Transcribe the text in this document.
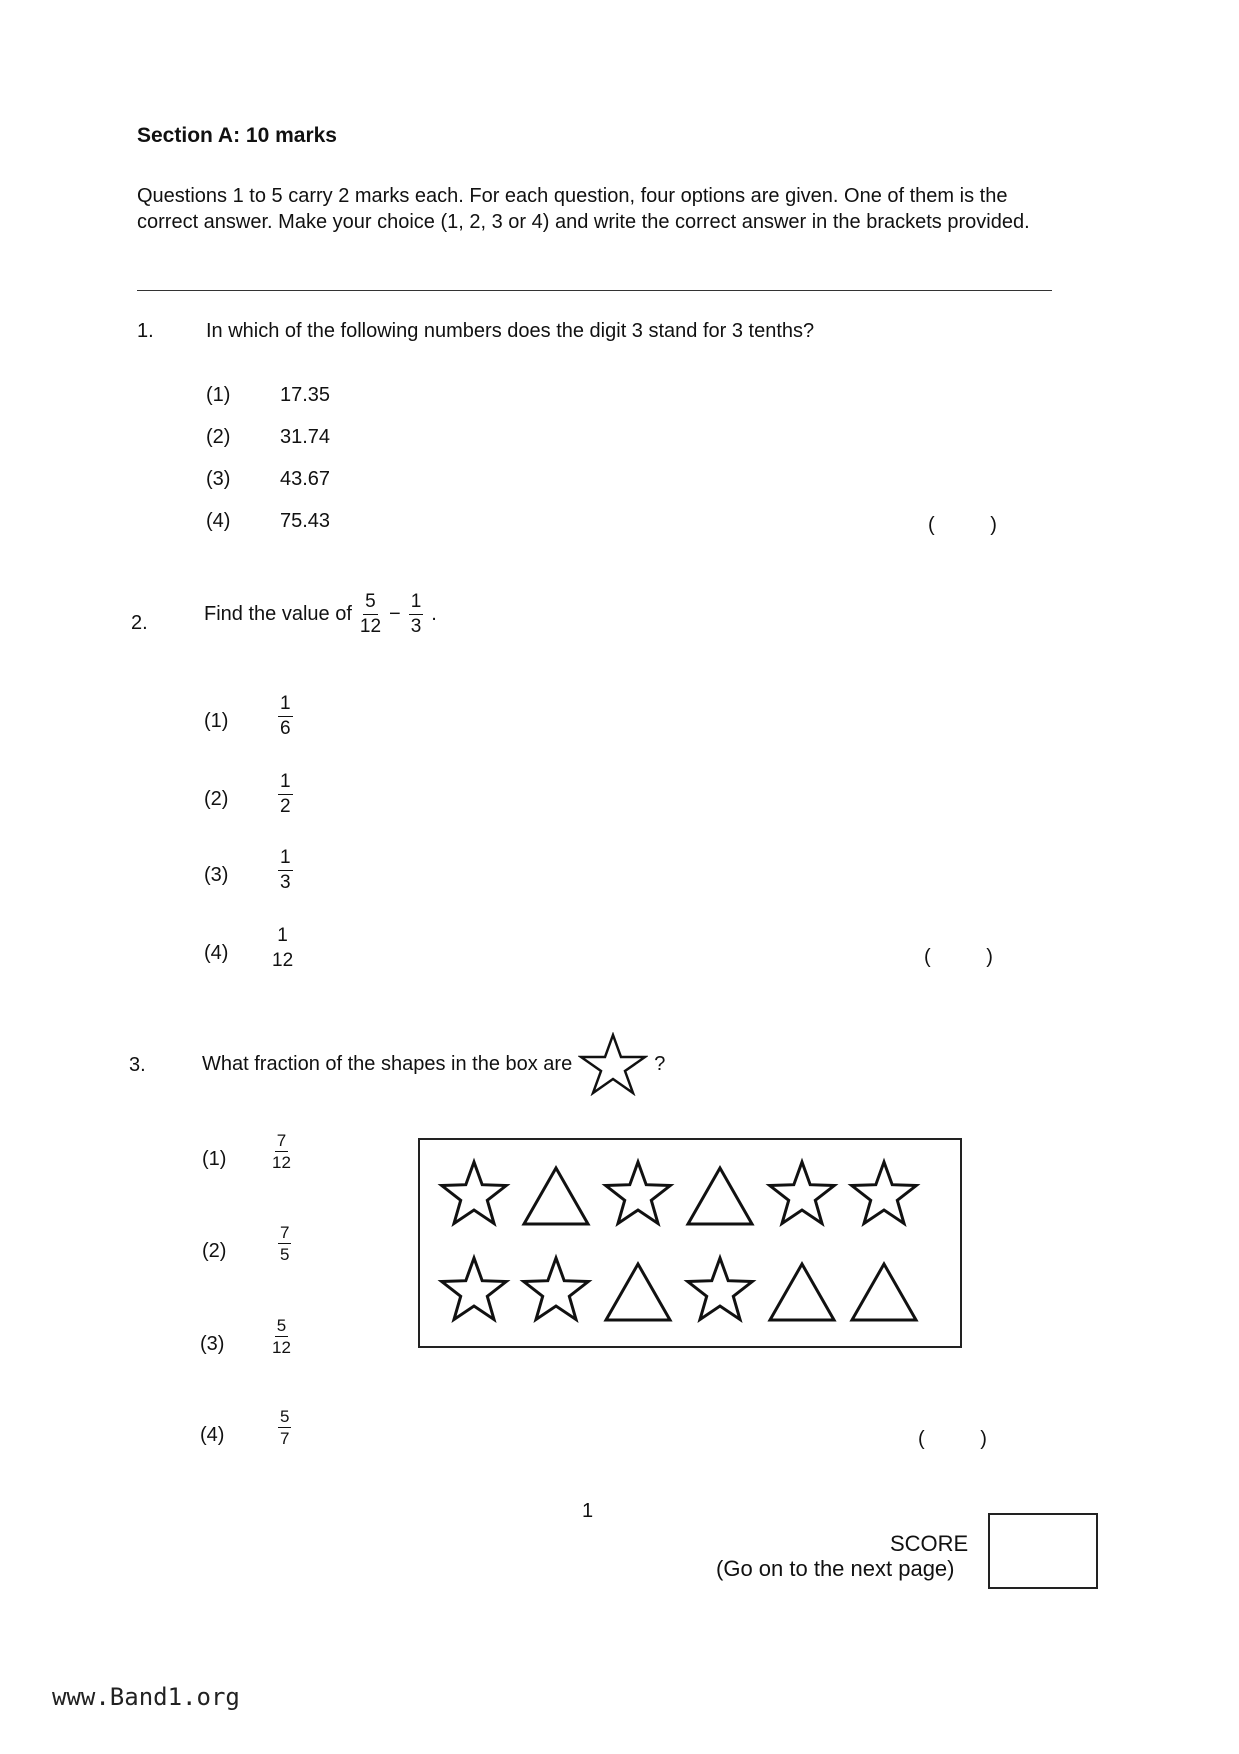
Section A: 10 marks
Questions 1 to 5 carry 2 marks each. For each question, four options are given. One of them is the correct answer. Make your choice (1, 2, 3 or 4) and write the correct answer in the brackets provided.
1.	In which of the following numbers does the digit 3 stand for 3 tenths?
(1) 17.35
(2) 31.74
(3) 43.67
(4) 75.43	(          )
2.	Find the value of $\frac{5}{12} - \frac{1}{3}$ .
(1)	$\frac{1}{6}$
(2)	$\frac{1}{2}$
(3)	$\frac{1}{3}$
(4)
1
12	(          )
3.	What fraction of the shapes in the box are	?
(1)	$\frac{7}{12}$
(2)	$\frac{7}{5}$
(3)	$\frac{5}{12}$
(4)	$\frac{5}{7}$	(          )
1
SCORE
(Go on to the next page)
www.Band1.org
